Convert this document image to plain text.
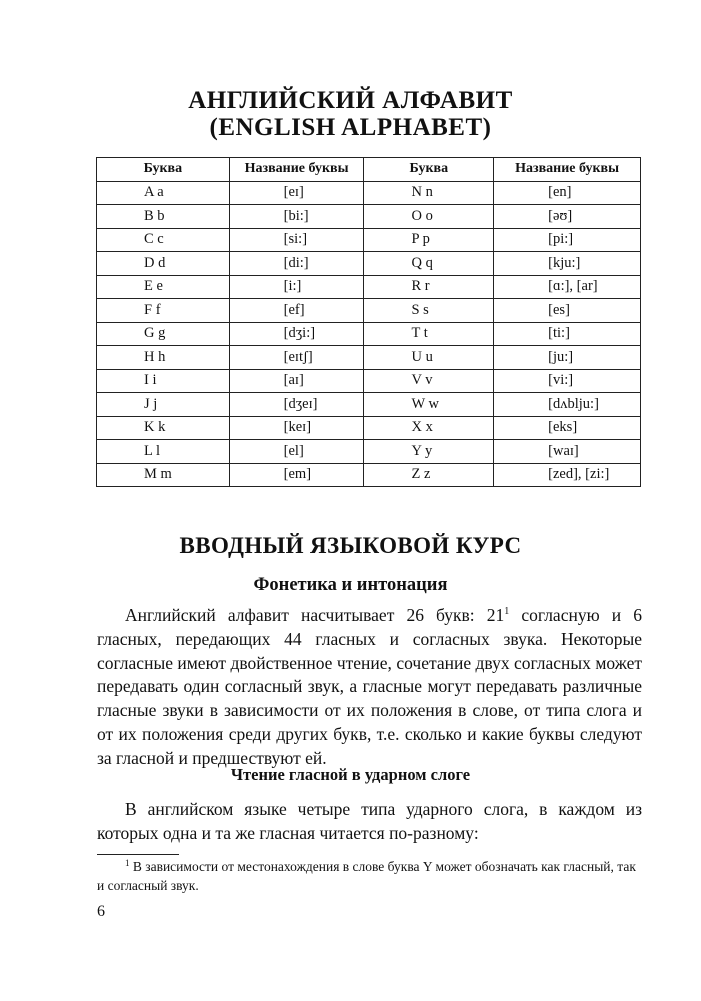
АНГЛИЙСКИЙ АЛФАВИТ
(ENGLISH ALPHABET)
Буква	Название буквы	Буква	Название буквы
A a	[eɪ]	N n	[en]
B b	[bi:]	O o	[əʊ]
C c	[si:]	P p	[pi:]
D d	[di:]	Q q	[kju:]
E e	[i:]	R r	[ɑ:], [ar]
F f	[ef]	S s	[es]
G g	[dʒi:]	T t	[ti:]
H h	[eɪtʃ]	U u	[ju:]
I i	[aɪ]	V v	[vi:]
J j	[dʒeɪ]	W w	[dʌblju:]
K k	[keɪ]	X x	[eks]
L l	[el]	Y y	[waɪ]
M m	[em]	Z z	[zed], [zi:]
ВВОДНЫЙ ЯЗЫКОВОЙ КУРС
Фонетика и интонация

Английский алфавит насчитывает 26 букв: $21^1$ согласную и 6 гласных, передающих 44 гласных и согласных звука. Некоторые согласные имеют двойственное чтение, сочетание двух согласных может передавать один согласный звук, а гласные могут передавать различные гласные звуки в зависимости от их положения в слове, от типа слога и от их положения среди других букв, т.е. сколько и какие буквы следуют за гласной и предшествуют ей.

Чтение гласной в ударном слоге

В английском языке четыре типа ударного слога, в каждом из которых одна и та же гласная читается по-разному:

$^1$ В зависимости от местонахождения в слове буква Y может обозначать как гласный, так и согласный звук.

6
